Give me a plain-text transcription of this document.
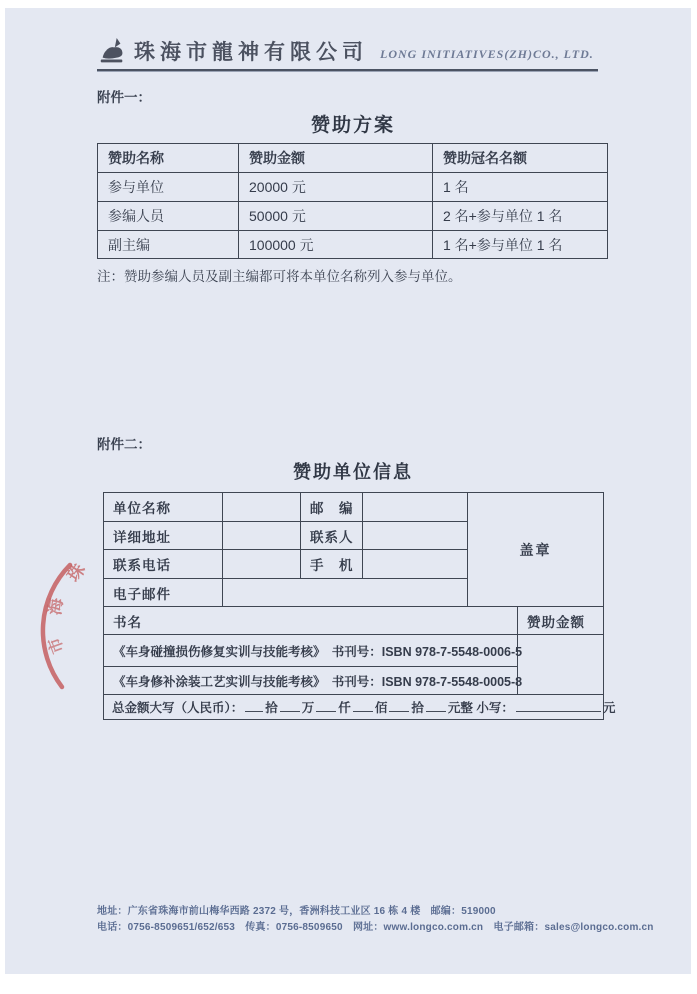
珠海市龍神有限公司 LONG INITIATIVES(ZH)CO., LTD.
附件一：
赞助方案
赞助名称	赞助金额	赞助冠名名额
参与单位	20000 元	1 名
参编人员	50000 元	2 名+参与单位 1 名
副主编	100000 元	1 名+参与单位 1 名
注：赞助参编人员及副主编都可将本单位名称列入参与单位。
附件二：
赞助单位信息
单位名称		邮　编		盖章	
详细地址		联系人			
联系电话		手　机			
电子邮件					
书名					赞助金额
《车身碰撞损伤修复实训与技能考核》　书刊号：ISBN 978-7-5548-0006-5					
《车身修补涂装工艺实训与技能考核》　书刊号：ISBN 978-7-5548-0005-8					
总金额大写（人民币）： 拾 万 仟 佰 拾 元整 小写： 元					
珠
海
市
地址：广东省珠海市前山梅华西路 2372 号，香洲科技工业区 16 栋 4 楼　邮编：519000
电话：0756-8509651/652/653　传真：0756-8509650　网址：www.longco.com.cn　电子邮箱：sales@longco.com.cn
